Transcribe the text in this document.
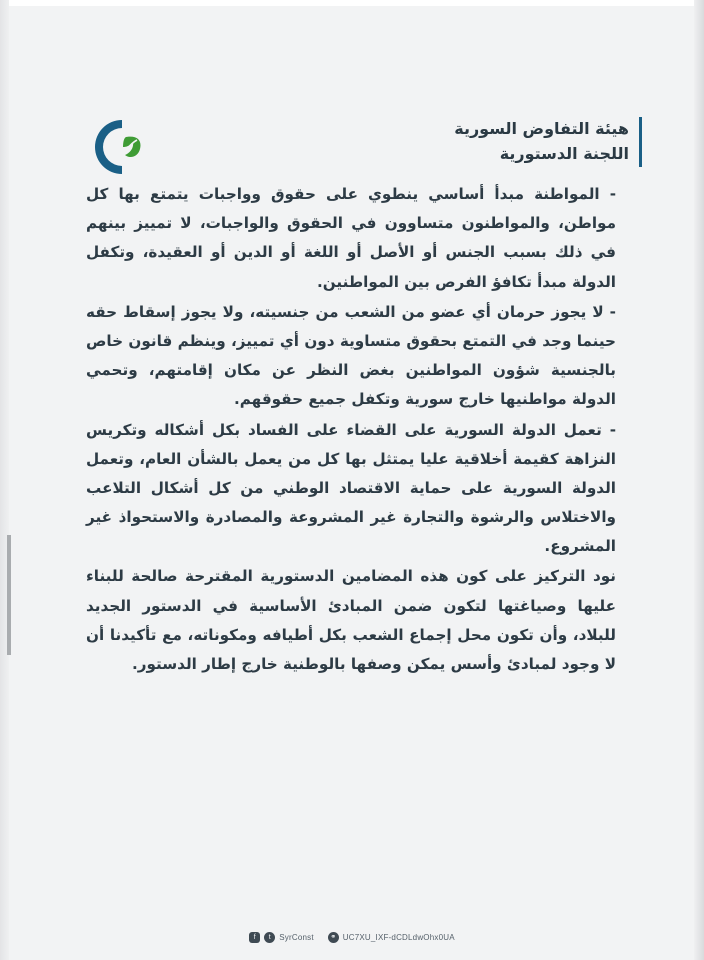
هيئة التفاوض السورية
اللجنة الدستورية

- المواطنة مبدأ أساسي ينطوي على حقوق وواجبات يتمتع بها كل مواطن، والمواطنون متساوون في الحقوق والواجبات، لا تمييز بينهم في ذلك بسبب الجنس أو الأصل أو اللغة أو الدين أو العقيدة، وتكفل الدولة مبدأ تكافؤ الفرص بين المواطنين.

- لا يجوز حرمان أي عضو من الشعب من جنسيته، ولا يجوز إسقاط حقه حينما وجد في التمتع بحقوق متساوية دون أي تمييز، وينظم قانون خاص بالجنسية شؤون المواطنين بغض النظر عن مكان إقامتهم، وتحمي الدولة مواطنيها خارج سورية وتكفل جميع حقوقهم.

- تعمل الدولة السورية على القضاء على الفساد بكل أشكاله وتكريس النزاهة كقيمة أخلاقية عليا يمتثل بها كل من يعمل بالشأن العام، وتعمل الدولة السورية على حماية الاقتصاد الوطني من كل أشكال التلاعب والاختلاس والرشوة والتجارة غير المشروعة والمصادرة والاستحواذ غير المشروع.

نود التركيز على كون هذه المضامين الدستورية المقترحة صالحة للبناء عليها وصياغتها لتكون ضمن المبادئ الأساسية في الدستور الجديد للبلاد، وأن تكون محل إجماع الشعب بكل أطيافه ومكوناته، مع تأكيدنا أن لا وجود لمبادئ وأسس يمكن وصفها بالوطنية خارج إطار الدستور.

f	t	SyrConst	⚭ UC7XU_IXF-dCDLdwOhx0UA
